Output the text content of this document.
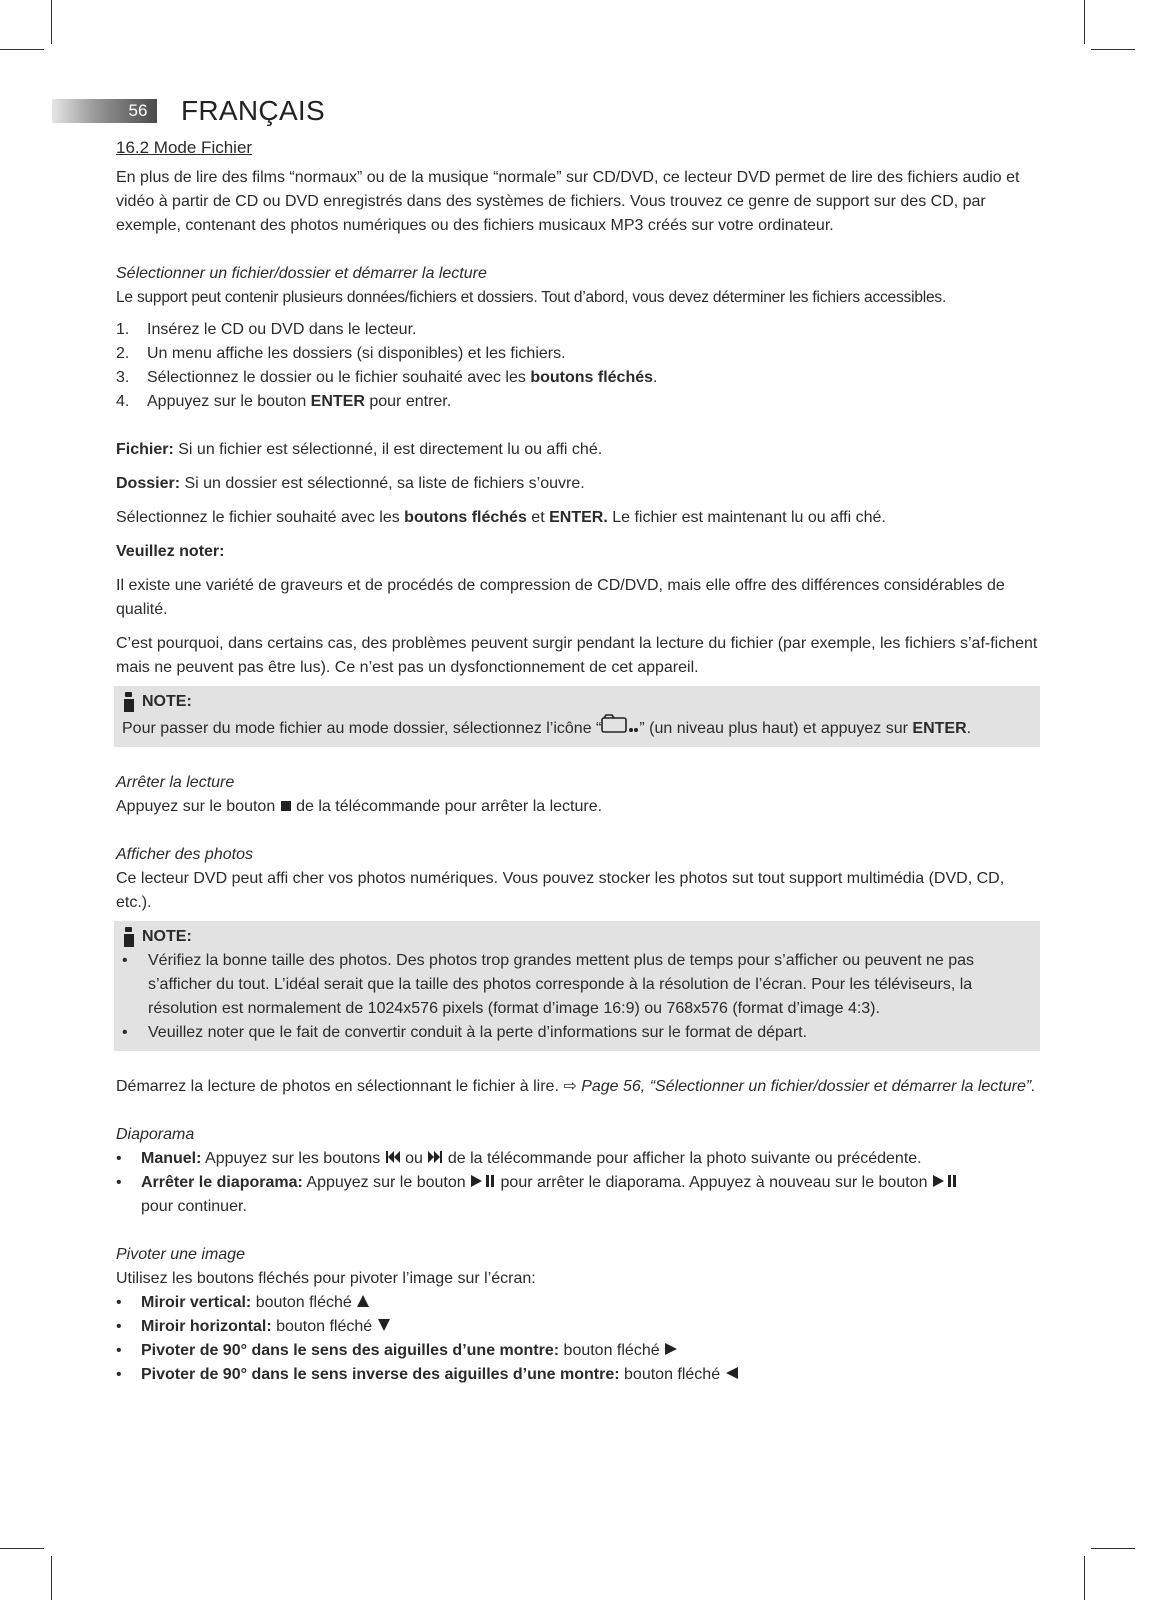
56	FRANÇAIS

16.2 Mode Fichier

En plus de lire des films “normaux” ou de la musique “normale” sur CD/DVD, ce lecteur DVD permet de lire des fichiers audio et vidéo à partir de CD ou DVD enregistrés dans des systèmes de fichiers. Vous trouvez ce genre de support sur des CD, par exemple, contenant des photos numériques ou des fichiers musicaux MP3 créés sur votre ordinateur.

Sélectionner un fichier/dossier et démarrer la lecture

Le support peut contenir plusieurs données/fichiers et dossiers. Tout d’abord, vous devez déterminer les fichiers accessibles.

1. Insérez le CD ou DVD dans le lecteur.
2. Un menu affiche les dossiers (si disponibles) et les fichiers.
3. Sélectionnez le dossier ou le fichier souhaité avec les boutons fléchés.
4. Appuyez sur le bouton ENTER pour entrer.

Fichier: Si un fichier est sélectionné, il est directement lu ou affi ché.

Dossier: Si un dossier est sélectionné, sa liste de fichiers s’ouvre.

Sélectionnez le fichier souhaité avec les boutons fléchés et ENTER. Le fichier est maintenant lu ou affi ché.

Veuillez noter:

Il existe une variété de graveurs et de procédés de compression de CD/DVD, mais elle offre des différences considérables de qualité.

C’est pourquoi, dans certains cas, des problèmes peuvent surgir pendant la lecture du fichier (par exemple, les fichiers s’af-fichent mais ne peuvent pas être lus). Ce n’est pas un dysfonctionnement de cet appareil.

NOTE:

Pour passer du mode fichier au mode dossier, sélectionnez l’icône “ ” (un niveau plus haut) et appuyez sur ENTER.

Arrêter la lecture

Appuyez sur le bouton  de la télécommande pour arrêter la lecture.

Afficher des photos

Ce lecteur DVD peut affi cher vos photos numériques. Vous pouvez stocker les photos sut tout support multimédia (DVD, CD, etc.).

NOTE:
• Vérifiez la bonne taille des photos. Des photos trop grandes mettent plus de temps pour s’afficher ou peuvent ne pas s’afficher du tout. L’idéal serait que la taille des photos corresponde à la résolution de l’écran. Pour les téléviseurs, la résolution est normalement de 1024x576 pixels (format d’image 16:9) ou 768x576 (format d’image 4:3).
• Veuillez noter que le fait de convertir conduit à la perte d’informations sur le format de départ.

Démarrez la lecture de photos en sélectionnant le fichier à lire. ⇨ Page 56, “Sélectionner un fichier/dossier et démarrer la lecture”.

Diaporama

• Manuel: Appuyez sur les boutons  ou  de la télécommande pour afficher la photo suivante ou précédente.
• Arrêter le diaporama: Appuyez sur le bouton  pour arrêter le diaporama. Appuyez à nouveau sur le bouton
pour continuer.

Pivoter une image

Utilisez les boutons fléchés pour pivoter l’image sur l’écran:

• Miroir vertical: bouton fléché
• Miroir horizontal: bouton fléché
• Pivoter de 90° dans le sens des aiguilles d’une montre: bouton fléché
• Pivoter de 90° dans le sens inverse des aiguilles d’une montre: bouton fléché
